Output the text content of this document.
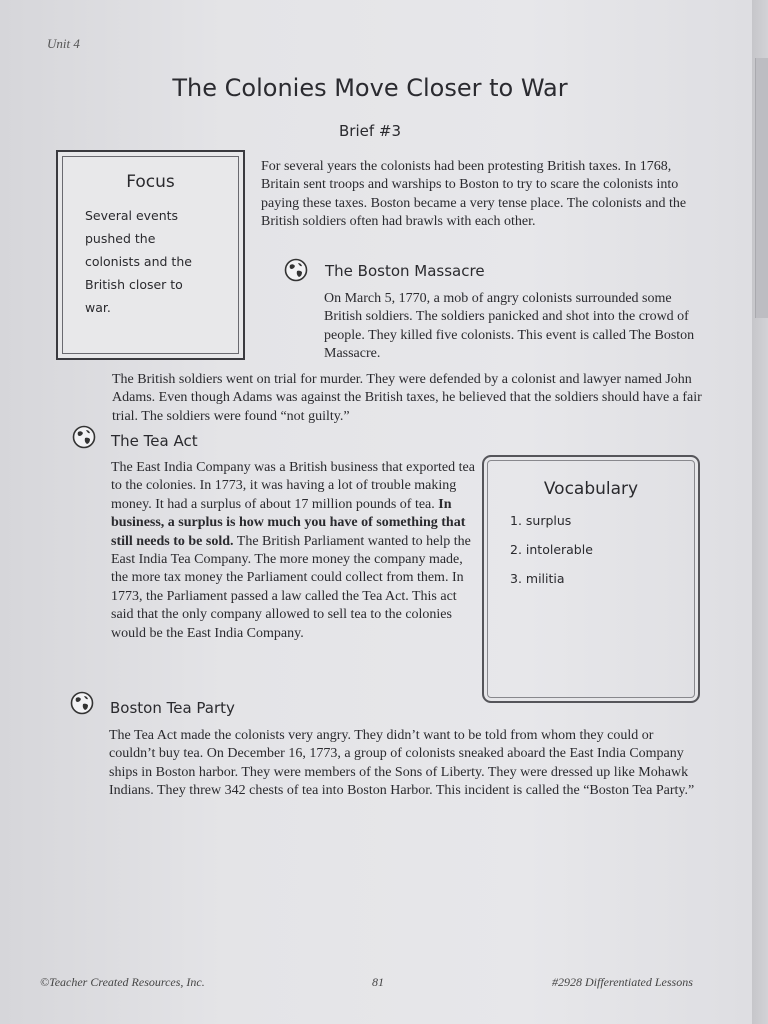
Unit 4
The Colonies Move Closer to War
Brief #3
Focus
Several events
pushed the
colonists and the
British closer to
war.

For several years the colonists had been protesting British taxes. In 1768, Britain sent troops and warships to Boston to try to scare the colonists into paying these taxes. Boston became a very tense place. The colonists and the British soldiers often had brawls with each other.

The Boston Massacre

On March 5, 1770, a mob of angry colonists surrounded some British soldiers. The soldiers panicked and shot into the crowd of people. They killed five colonists. This event is called The Boston Massacre.

The British soldiers went on trial for murder. They were defended by a colonist and lawyer named John Adams. Even though Adams was against the British taxes, he believed that the soldiers should have a fair trial. The soldiers were found “not guilty.”

The Tea Act

The East India Company was a British business that exported tea to the colonies. In 1773, it was having a lot of trouble making money. It had a surplus of about 17 million pounds of tea. In business, a surplus is how much you have of something that still needs to be sold. The British Parliament wanted to help the East India Tea Company. The more money the company made, the more tax money the Parliament could collect from them. In 1773, the Parliament passed a law called the Tea Act. This act said that the only company allowed to sell tea to the colonies would be the East India Company.

Vocabulary
1. surplus
2. intolerable
3. militia
Boston Tea Party

The Tea Act made the colonists very angry. They didn’t want to be told from whom they could or couldn’t buy tea. On December 16, 1773, a group of colonists sneaked aboard the East India Company ships in Boston harbor. They were members of the Sons of Liberty. They were dressed up like Mohawk Indians. They threw 342 chests of tea into Boston Harbor. This incident is called the “Boston Tea Party.”

©Teacher Created Resources, Inc.	81	#2928 Differentiated Lessons
